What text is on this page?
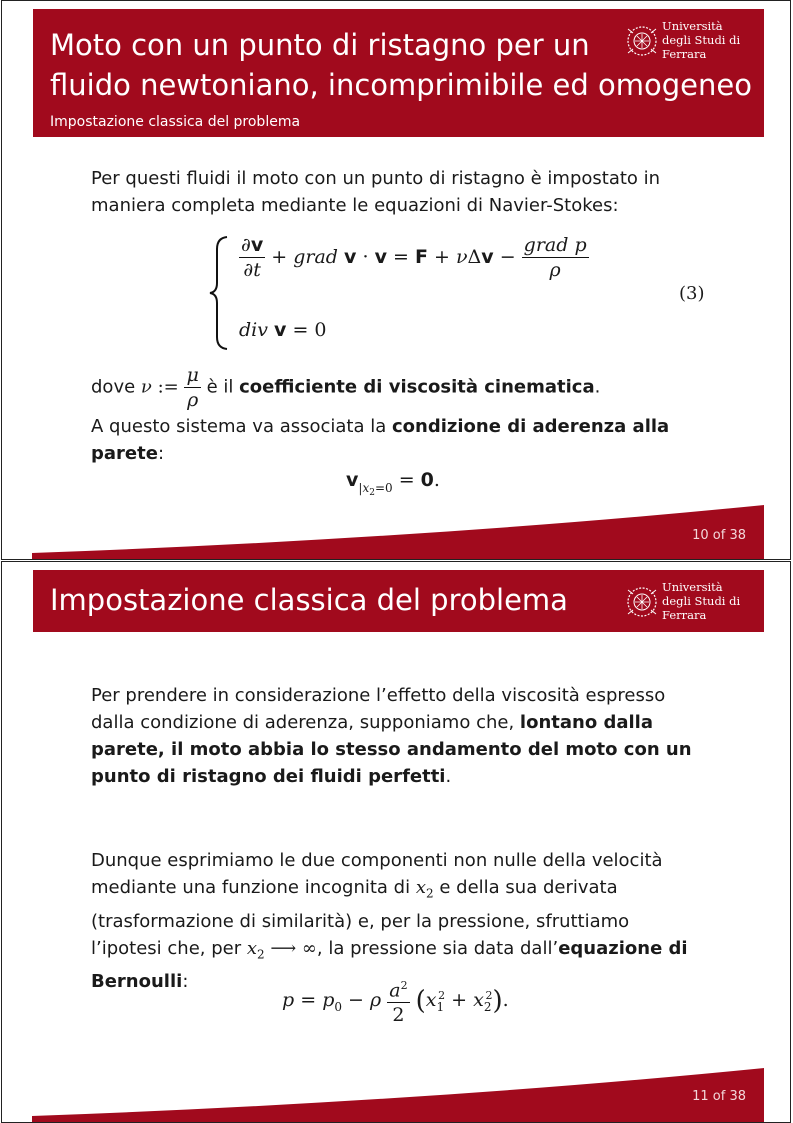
Moto con un punto di ristagno per un
fluido newtoniano, incomprimibile ed omogeneo
Impostazione classica del problema
Università
degli Studi di
Ferrara
Per questi fluidi il moto con un punto di ristagno è impostato in maniera completa mediante le equazioni di Navier-Stokes:
$\frac{\partial v}{\partial t}$ + grad $v \cdot v = F + \nu\Delta v - \frac{\text{grad p}}{\rho}$
div v = 0
(3)
dove ν := $\frac{\mu}{\rho}$ è il coefficiente di viscosità cinematica.
A questo sistema va associata la condizione di aderenza alla parete:
$v_{|x2=0} = 0$.
10 of 38
Impostazione classica del problema	Università
degli Studi di
Ferrara
Per prendere in considerazione l’effetto della viscosità espresso dalla condizione di aderenza, supponiamo che, lontano dalla parete, il moto abbia lo stesso andamento del moto con un punto di ristagno dei fluidi perfetti.
Dunque esprimiamo le due componenti non nulle della velocità mediante una funzione incognita di $x_2$ e della sua derivata (trasformazione di similarità) e, per la pressione, sfruttiamo l’ipotesi che, per $x_2$ ⟶ ∞, la pressione sia data dall’equazione di Bernoulli:
$p = p_0 - \rho \frac{a^2}{2} (x_1^2 + x_2^2)$.
11 of 38
